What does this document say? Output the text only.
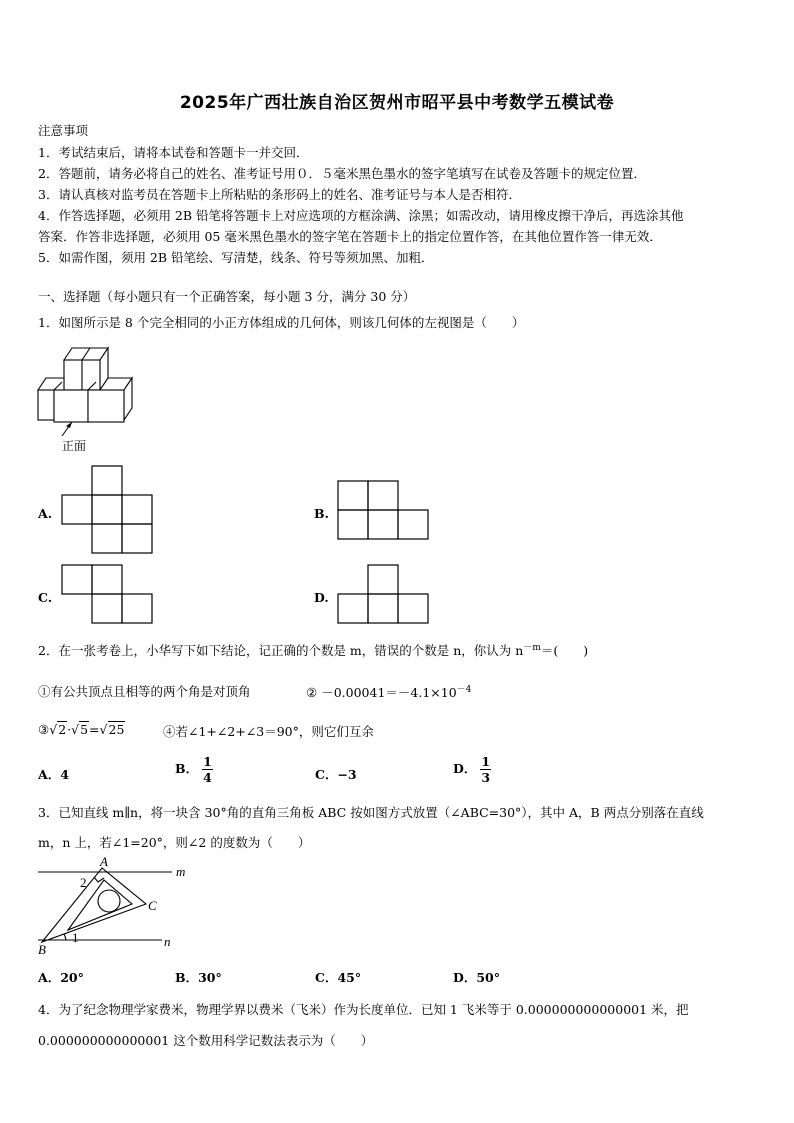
2025年广西壮族自治区贺州市昭平县中考数学五模试卷
注意事项
1．考试结束后，请将本试卷和答题卡一并交回．
2．答题前，请务必将自己的姓名、准考证号用０．５毫米黑色墨水的签字笔填写在试卷及答题卡的规定位置．
3．请认真核对监考员在答题卡上所粘贴的条形码上的姓名、准考证号与本人是否相符．
4．作答选择题，必须用 2B 铅笔将答题卡上对应选项的方框涂满、涂黑；如需改动，请用橡皮擦干净后，再选涂其他
答案．作答非选择题，必须用 05 毫米黑色墨水的签字笔在答题卡上的指定位置作答，在其他位置作答一律无效．
5．如需作图，须用 2B 铅笔绘、写清楚，线条、符号等须加黑、加粗．
一、选择题（每小题只有一个正确答案，每小题 3 分，满分 30 分）
1．如图所示是 8 个完全相同的小正方体组成的几何体，则该几何体的左视图是（　　）
正面
A.	B.
C.	D.
2．在一张考卷上，小华写下如下结论，记正确的个数是 m，错误的个数是 n，你认为 $n^{-m}=$(　　)
①有公共顶点且相等的两个角是对顶角	② $-0.00041=-4.1\times 10^{-4}$
③√2·√5=√25	④若∠1+∠2+∠3＝90°，则它们互余
A．4	B． $\frac{1}{4}$	C．−3	D． $\frac{1}{3}$
3．已知直线 m∥n，将一块含 30°角的直角三角板 ABC 按如图方式放置（∠ABC=30°），其中 A，B 两点分别落在直线
m，n 上，若∠1=20°，则∠2 的度数为（　　）
A
2
m
C
1
B
n
A．20°	B．30°	C．45°	D．50°
4．为了纪念物理学家费米，物理学界以费米（飞米）作为长度单位．已知 1 飞米等于 0.000000000000001 米，把
0.000000000000001 这个数用科学记数法表示为（　　）
